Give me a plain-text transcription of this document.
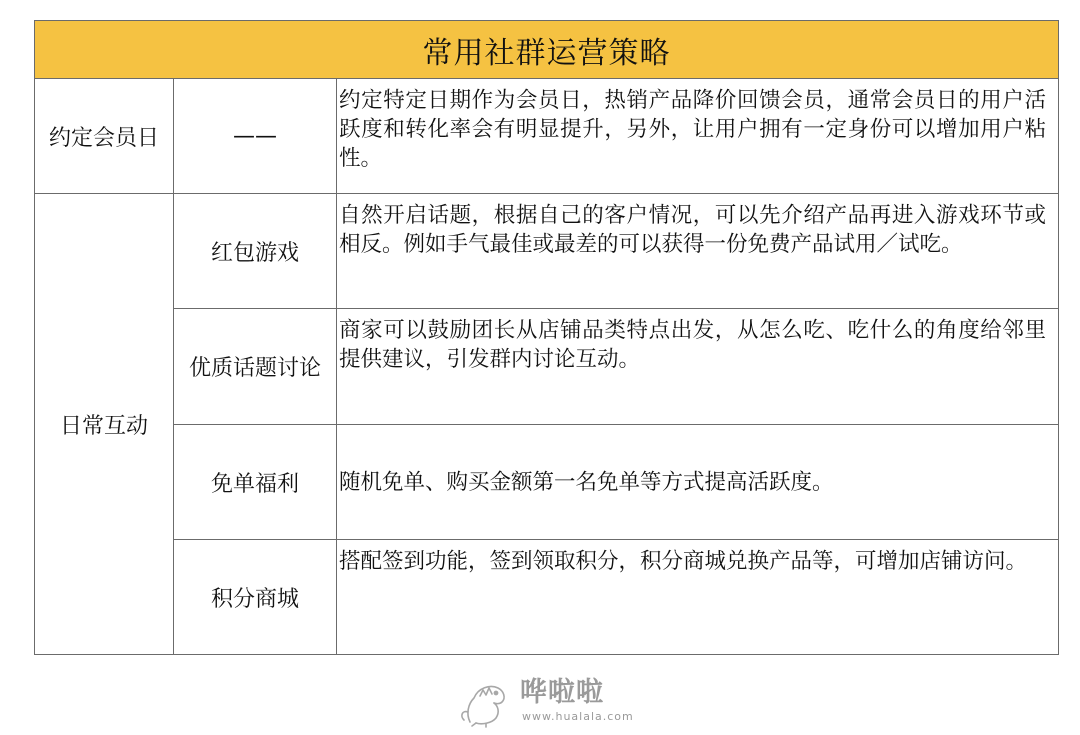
常用社群运营策略		
约定会员日	——	约定特定日期作为会员日，热销产品降价回馈会员，通常会员日的用户活跃度和转化率会有明显提升，另外，让用户拥有一定身份可以增加用户粘性。
日常互动	红包游戏	自然开启话题，根据自己的客户情况，可以先介绍产品再进入游戏环节或相反。例如手气最佳或最差的可以获得一份免费产品试用／试吃。
	优质话题讨论	商家可以鼓励团长从店铺品类特点出发，从怎么吃、吃什么的角度给邻里提供建议，引发群内讨论互动。
	免单福利	随机免单、购买金额第一名免单等方式提高活跃度。
	积分商城	搭配签到功能，签到领取积分，积分商城兑换产品等，可增加店铺访问。
哗啦啦
www.hualala.com
